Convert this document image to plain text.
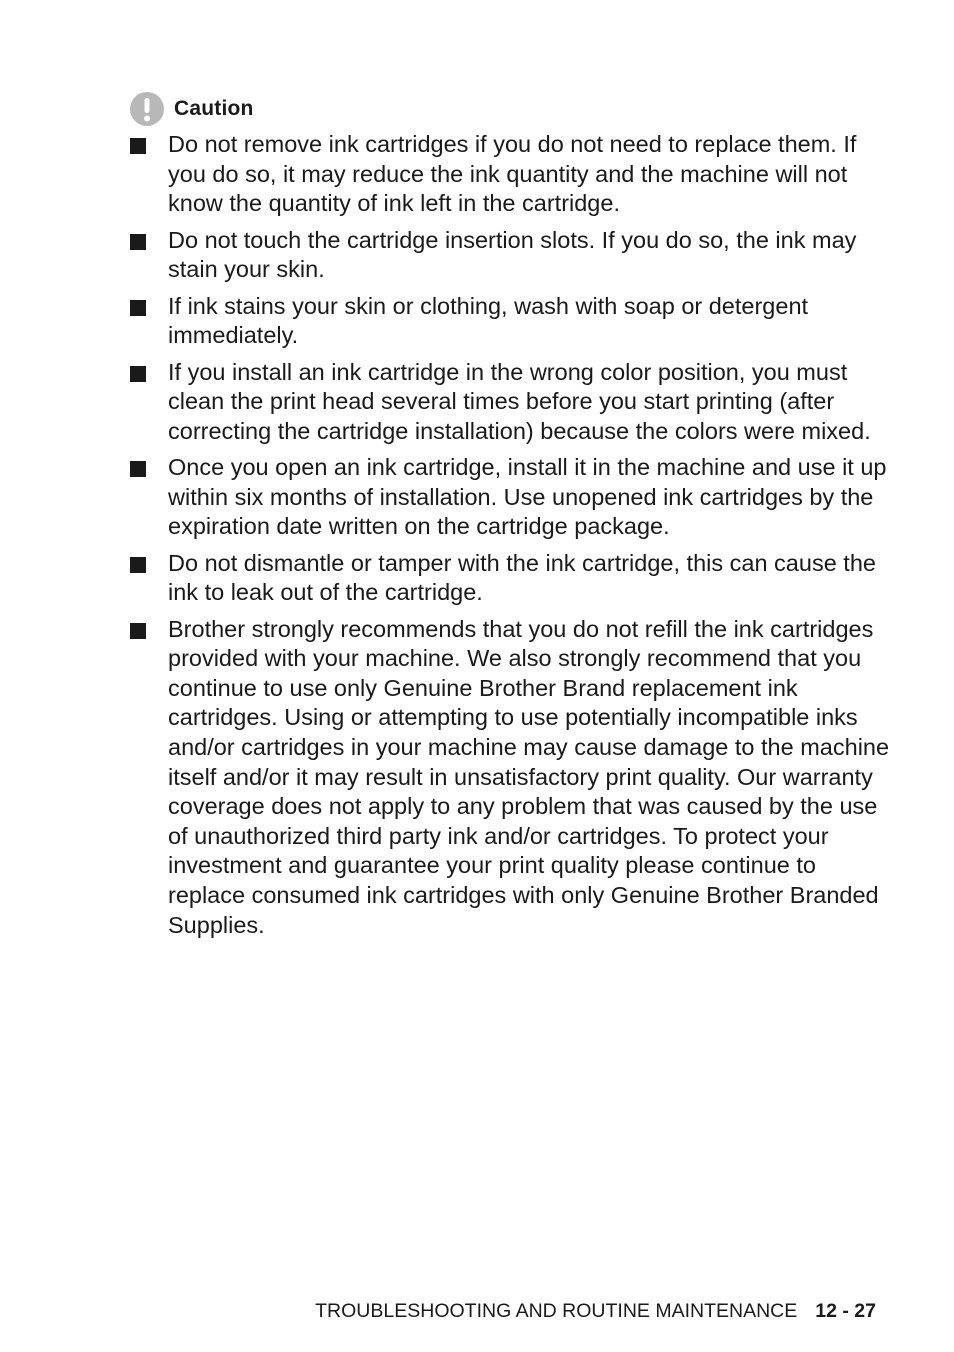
Caution
Do not remove ink cartridges if you do not need to replace them. If you do so, it may reduce the ink quantity and the machine will not know the quantity of ink left in the cartridge.
Do not touch the cartridge insertion slots. If you do so, the ink may stain your skin.
If ink stains your skin or clothing, wash with soap or detergent immediately.
If you install an ink cartridge in the wrong color position, you must clean the print head several times before you start printing (after correcting the cartridge installation) because the colors were mixed.
Once you open an ink cartridge, install it in the machine and use it up within six months of installation. Use unopened ink cartridges by the expiration date written on the cartridge package.
Do not dismantle or tamper with the ink cartridge, this can cause the ink to leak out of the cartridge.
Brother strongly recommends that you do not refill the ink cartridges provided with your machine. We also strongly recommend that you continue to use only Genuine Brother Brand replacement ink cartridges. Using or attempting to use potentially incompatible inks and/or cartridges in your machine may cause damage to the machine itself and/or it may result in unsatisfactory print quality. Our warranty coverage does not apply to any problem that was caused by the use of unauthorized third party ink and/or cartridges. To protect your investment and guarantee your print quality please continue to replace consumed ink cartridges with only Genuine Brother Branded Supplies.
TROUBLESHOOTING AND ROUTINE MAINTENANCE 12 - 27
